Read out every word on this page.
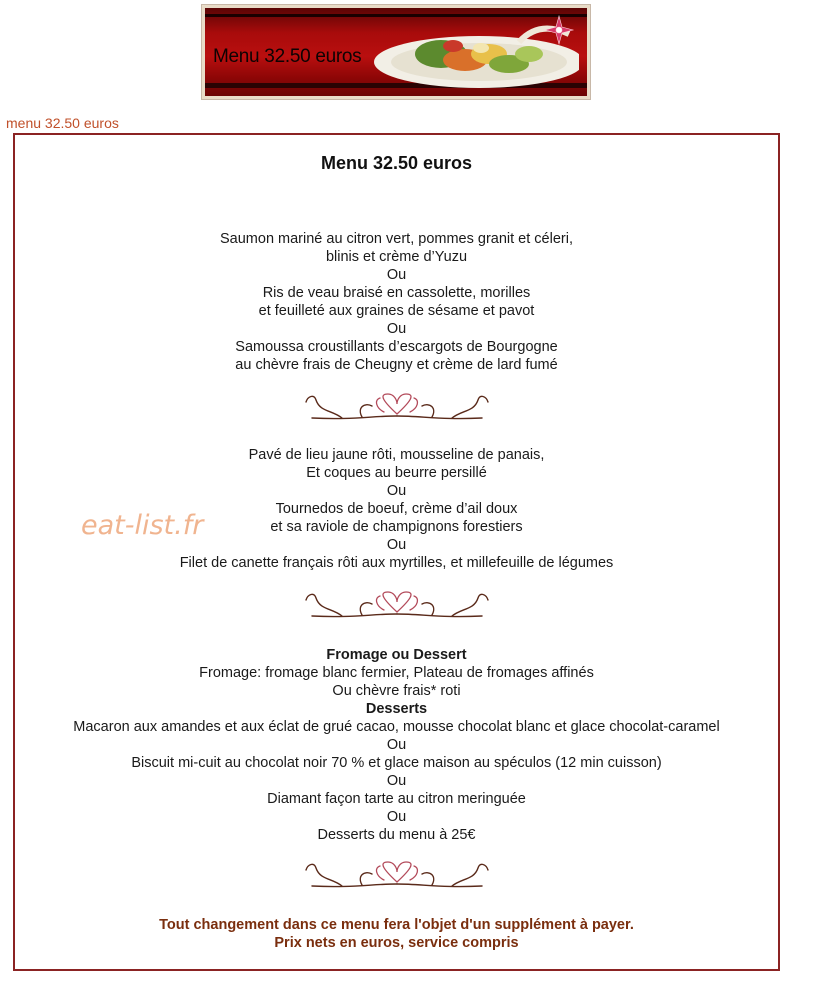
Menu 32.50 euros
menu 32.50 euros
eat-list.fr
Menu 32.50 euros
Saumon mariné au citron vert, pommes granit et céleri,
blinis et crème d’Yuzu
Ou
Ris de veau braisé en cassolette, morilles
et feuilleté aux graines de sésame et pavot
Ou
Samoussa croustillants d’escargots de Bourgogne
au chèvre frais de Cheugny et crème de lard fumé
Pavé de lieu jaune rôti, mousseline de panais,
Et coques au beurre persillé
Ou
Tournedos de boeuf, crème d’ail doux
et sa raviole de champignons forestiers
Ou
Filet de canette français rôti aux myrtilles, et millefeuille de légumes
Fromage ou Dessert
Fromage: fromage blanc fermier, Plateau de fromages affinés
Ou chèvre frais* roti
Desserts
Macaron aux amandes et aux éclat de grué cacao, mousse chocolat blanc et glace chocolat-caramel
Ou
Biscuit mi-cuit au chocolat noir 70 % et glace maison au spéculos (12 min cuisson)
Ou
Diamant façon tarte au citron meringuée
Ou
Desserts du menu à 25€
Tout changement dans ce menu fera l'objet d'un supplément à payer.
Prix nets en euros, service compris
